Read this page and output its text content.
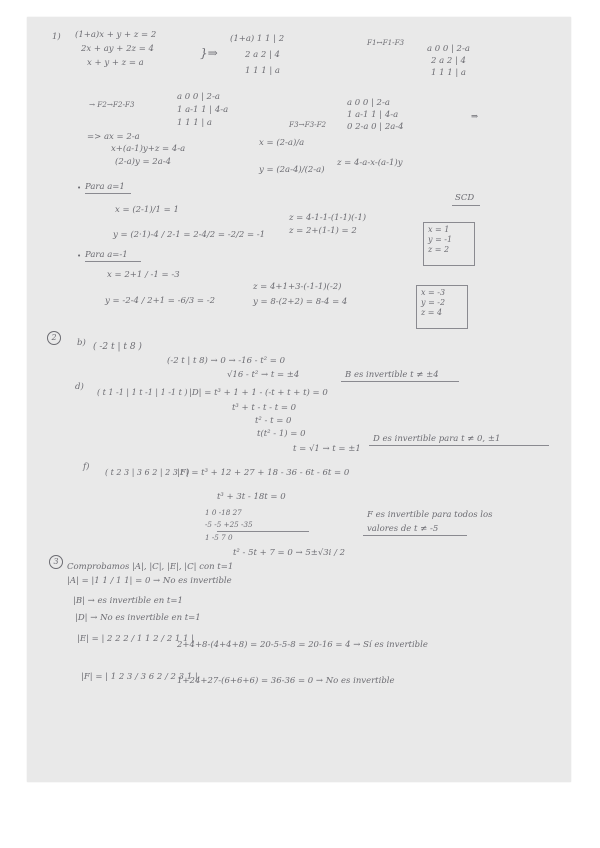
1) (1+a)x + y + z = 2
2x + ay + 2z = 4
x + y + z = a
}⇒
(1+a) 1 1 | 2
2 a 2 | 4
1 1 1 | a
F1↔F1-F3
a 0 0 | 2-a
2 a 2 | 4
1 1 1 | a
→ F2→F2-F3
a 0 0 | 2-a
1 a-1 1 | 4-a
1 1 1 | a	F3→F3-F2
a 0 0 | 2-a
1 a-1 1 | 4-a
0 2-a 0 | 2a-4
⇒
=> ax = 2-a
x+(a-1)y+z = 4-a
(2-a)y = 2a-4
x = (2-a)/a
y = (2a-4)/(2-a)
z = 4-a-x-(a-1)y
SCD
• Para a=1
x = (2-1)/1 = 1
y = (2·1)-4 / 2-1 = 2-4/2 = -2/2 = -1
z = 4-1-1-(1-1)(-1)
z = 2+(1-1) = 2	x = 1
y = -1
z = 2
• Para a=-1
x = 2+1 / -1 = -3
y = -2-4 / 2+1 = -6/3 = -2
z = 4+1+3-(-1-1)(-2)
y = 8-(2+2) = 8-4 = 4
x = -3
y = -2
z = 4
2
b) ( -2 t | t 8 )
(-2 t | t 8) → 0 → -16 - t² = 0
√16 - t² → t = ±4	B es invertible t ≠ ±4
d)
( t 1 -1 | 1 t -1 | 1 -1 t ) |D| = t³ + 1 + 1 - (-t + t + t) = 0
t³ + t - t - t = 0
t² - t = 0
t(t² - 1) = 0
t = √1 → t = ±1
D es invertible para t ≠ 0, ±1
f)
( t 2 3 | 3 6 2 | 2 3 t )
|F| = t³ + 12 + 27 + 18 - 36 - 6t - 6t = 0
t³ + 3t - 18t = 0
1 0 -18 27
-5 -5 +25 -35
1 -5 7 0
t² - 5t + 7 = 0 → 5±√3i / 2
F es invertible para todos los
valores de t ≠ -5
3
Comprobamos |A|, |C|, |E|, |C| con t=1
|A| = |1 1 / 1 1| = 0 → No es invertible
|B| → es invertible en t=1
|D| → No es invertible en t=1
|E| = | 2 2 2 / 1 1 2 / 2 1 1 |
2+4+8-(4+4+8) = 20-5-5-8 = 20-16 = 4 → Sí es invertible
|F| = | 1 2 3 / 3 6 2 / 2 3 1 |
1+24+27-(6+6+6) = 36-36 = 0 → No es invertible
